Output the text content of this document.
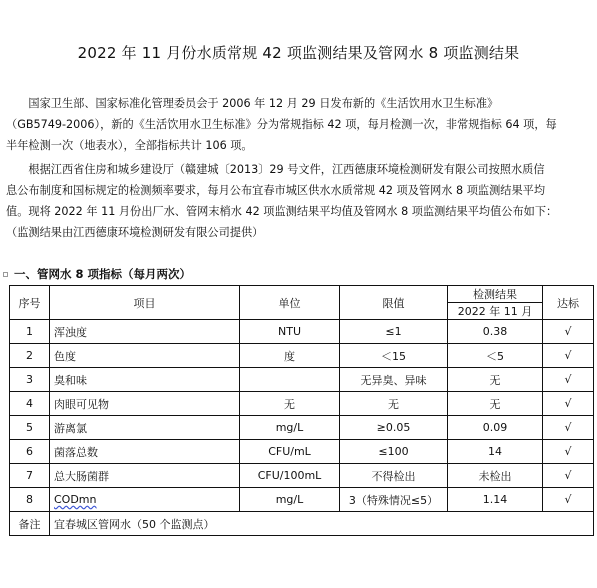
2022 年 11 月份水质常规 42 项监测结果及管网水 8 项监测结果
　　国家卫生部、国家标准化管理委员会于 2006 年 12 月 29 日发布新的《生活饮用水卫生标准》
（GB5749-2006），新的《生活饮用水卫生标准》分为常规指标 42 项，每月检测一次，非常规指标 64 项，每
半年检测一次（地表水），全部指标共计 106 项。
　　根据江西省住房和城乡建设厅（赣建城〔2013〕29 号文件，江西德康环境检测研发有限公司按照水质信
息公布制度和国标规定的检测频率要求，每月公布宜春市城区供水水质常规 42 项及管网水 8 项监测结果平均
值。现将 2022 年 11 月份出厂水、管网末梢水 42 项监测结果平均值及管网水 8 项监测结果平均值公布如下：
（监测结果由江西德康环境检测研发有限公司提供）
一、管网水 8 项指标（每月两次）
序号	项目	单位	限值	检测结果	达标
				2022 年 11 月	
1	浑浊度	NTU	≤1	0.38	√
2	色度	度	＜15	＜5	√
3	臭和味		无异臭、异味	无	√
4	肉眼可见物	无	无	无	√
5	游离氯	mg/L	≥0.05	0.09	√
6	菌落总数	CFU/mL	≤100	14	√
7	总大肠菌群	CFU/100mL	不得检出	未检出	√
8	CODmn	mg/L	3（特殊情况≤5）	1.14	√
备注	宜春城区管网水（50 个监测点）				
